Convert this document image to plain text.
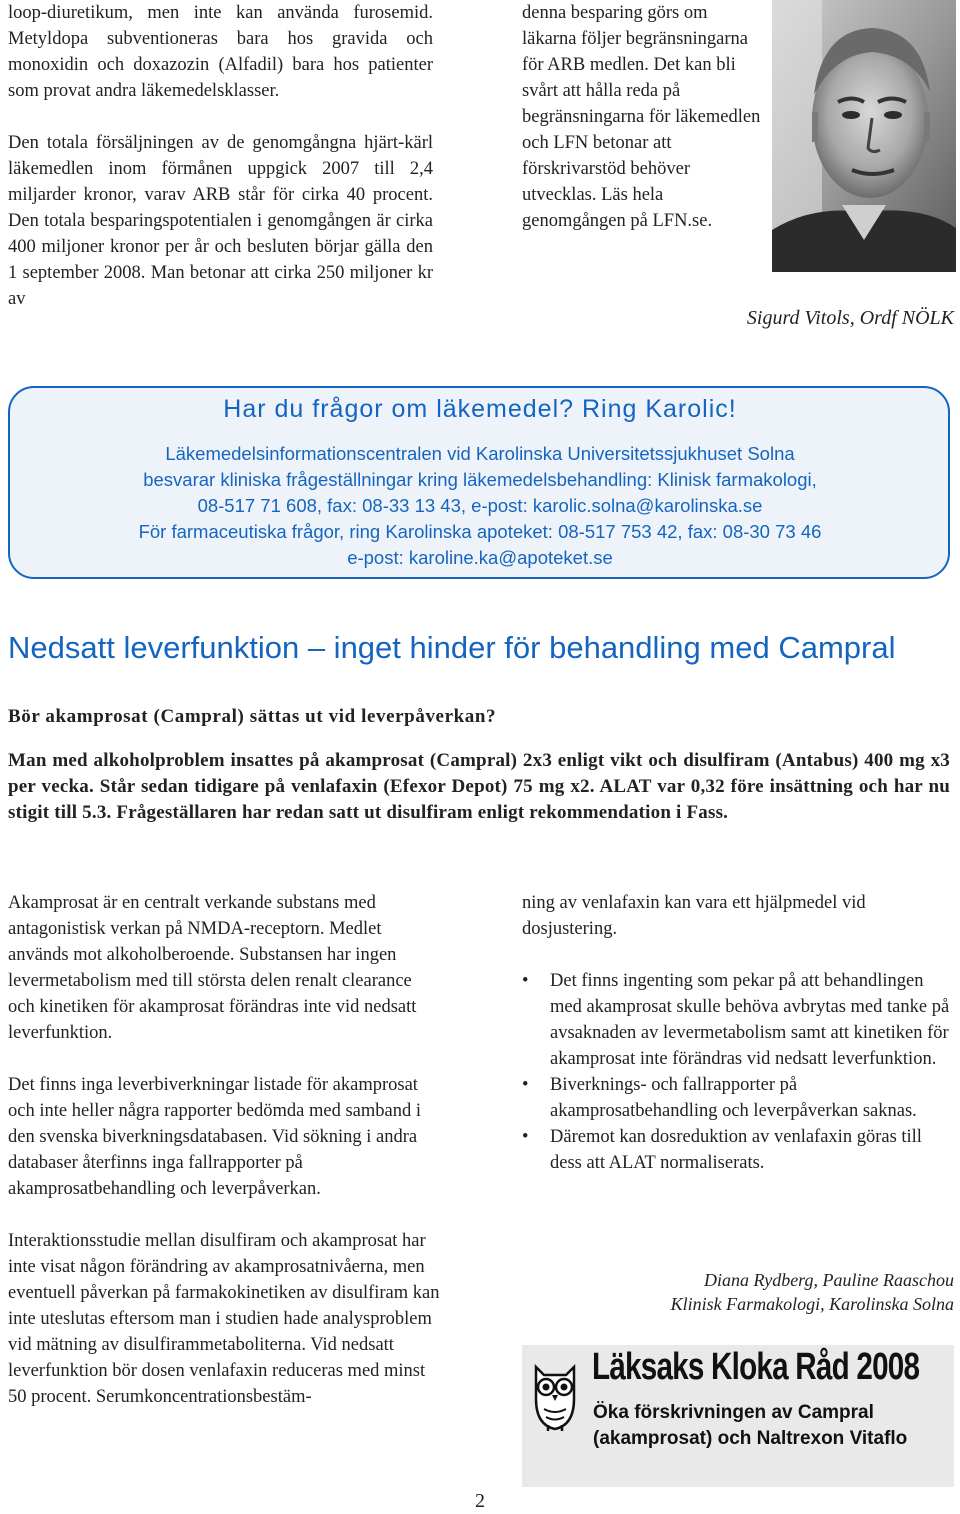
loop-diuretikum, men inte kan använda furosemid. Metyldopa subventioneras bara hos gravida och monoxidin och doxazozin (Alfadil) bara hos patienter som provat andra läkemedelsklasser.

Den totala försäljningen av de genomgångna hjärt-kärl läkemedlen inom förmånen uppgick 2007 till 2,4 miljarder kronor, varav ARB står för cirka 40 procent. Den totala besparingspotentialen i genomgången är cirka 400 miljoner kronor per år och besluten börjar gälla den 1 september 2008. Man betonar att cirka 250 miljoner kr av

denna besparing görs om läkarna följer begränsningarna för ARB medlen. Det kan bli svårt att hålla reda på begränsningarna för läkemedlen och LFN betonar att förskrivarstöd behöver utvecklas. Läs hela genomgången på LFN.se.

Sigurd Vitols, Ordf NÖLK
Har du frågor om läkemedel? Ring Karolic!
Läkemedelsinformationscentralen vid Karolinska Universitetssjukhuset Solna
besvarar kliniska frågeställningar kring läkemedelsbehandling: Klinisk farmakologi,
08-517 71 608, fax: 08-33 13 43, e-post: karolic.solna@karolinska.se
För farmaceutiska frågor, ring Karolinska apoteket: 08-517 753 42, fax: 08-30 73 46
e-post: karoline.ka@apoteket.se
Nedsatt leverfunktion – inget hinder för behandling med Campral
Bör akamprosat (Campral) sättas ut vid leverpåverkan?
Man med alkoholproblem insattes på akamprosat (Campral) 2x3 enligt vikt och disulfiram (Antabus) 400 mg x3 per vecka. Står sedan tidigare på venlafaxin (Efexor Depot) 75 mg x2. ALAT var 0,32 före insättning och har nu stigit till 5.3. Frågeställaren har redan satt ut disulfiram enligt rekommendation i Fass.

Akamprosat är en centralt verkande substans med antagonistisk verkan på NMDA-receptorn. Medlet används mot alkoholberoende. Substansen har ingen levermetabolism med till största delen renalt clearance och kinetiken för akamprosat förändras inte vid nedsatt leverfunktion.

Det finns inga leverbiverkningar listade för akamprosat och inte heller några rapporter bedömda med samband i den svenska biverkningsdatabasen. Vid sökning i andra databaser återfinns inga fallrapporter på akamprosatbehandling och leverpåverkan.

Interaktionsstudie mellan disulfiram och akamprosat har inte visat någon förändring av akamprosatnivåerna, men eventuell påverkan på farmakokinetiken av disulfiram kan inte uteslutas eftersom man i studien hade analysproblem vid mätning av disulfirammetaboliterna. Vid nedsatt leverfunktion bör dosen venlafaxin reduceras med minst 50 procent. Serumkoncentrationsbestäm-

ning av venlafaxin kan vara ett hjälpmedel vid dosjustering.

• Det finns ingenting som pekar på att behandlingen med akamprosat skulle behöva avbrytas med tanke på avsaknaden av levermetabolism samt att kinetiken för akamprosat inte förändras vid nedsatt leverfunktion.
• Biverknings- och fallrapporter på akamprosatbehandling och leverpåverkan saknas.
• Däremot kan dosreduktion av venlafaxin göras till dess att ALAT normaliserats.
Diana Rydberg, Pauline Raaschou
Klinisk Farmakologi, Karolinska Solna
Läksaks Kloka Råd 2008
Öka förskrivningen av Campral
(akamprosat) och Naltrexon Vitaflo
2
